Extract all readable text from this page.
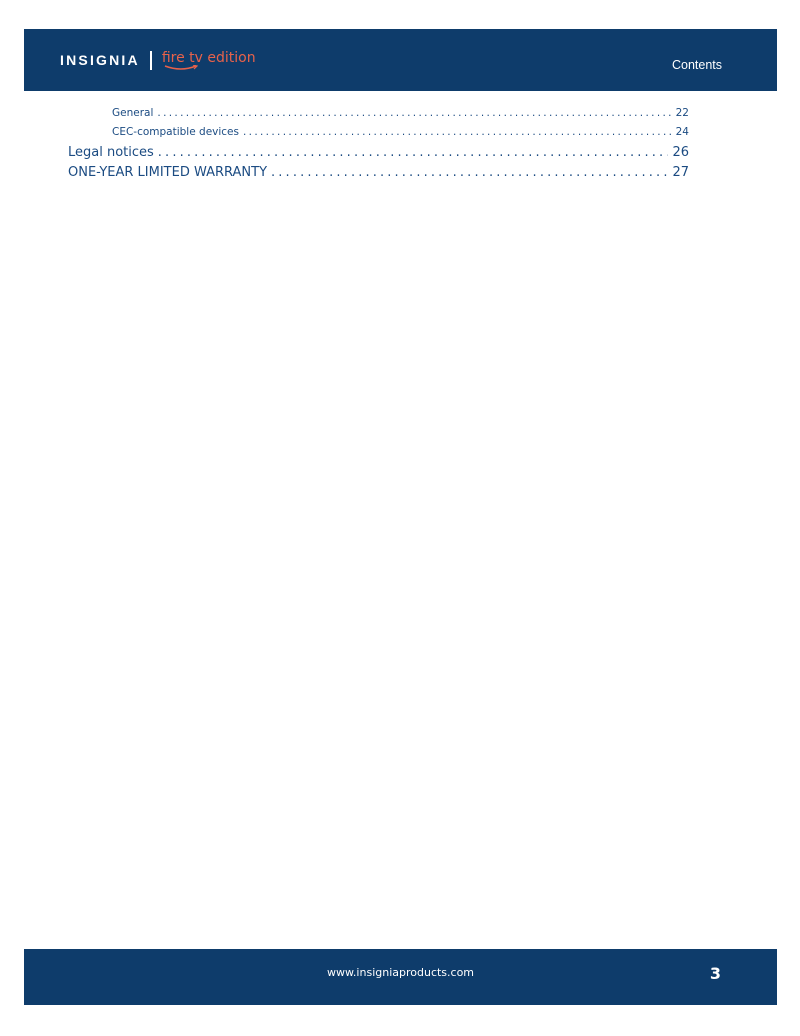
INSIGNIA fire tv edition	Contents
General . . .	22
CEC-compatible devices . . .	24
Legal notices . . .	26
ONE-YEAR LIMITED WARRANTY . . .	27
www.insigniaproducts.com	3
